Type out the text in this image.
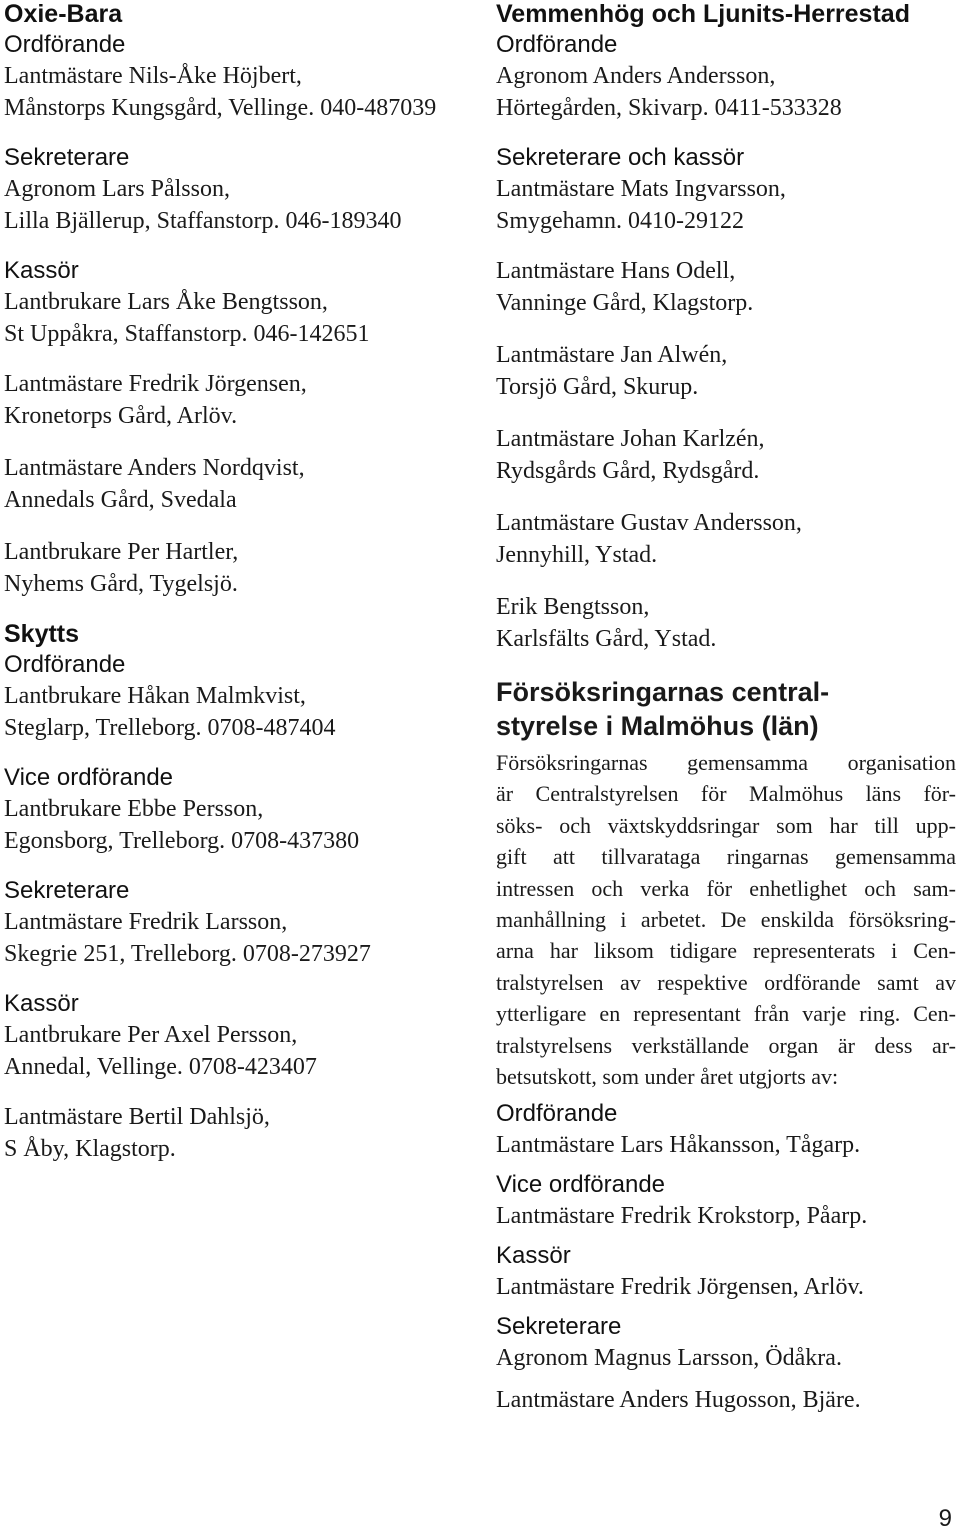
Oxie-Bara
Ordförande
Lantmästare Nils-Åke Höjbert,
Månstorps Kungsgård, Vellinge. 040-487039
Sekreterare
Agronom Lars Pålsson,
Lilla Bjällerup, Staffanstorp. 046-189340
Kassör
Lantbrukare Lars Åke Bengtsson,
St Uppåkra, Staffanstorp. 046-142651
Lantmästare Fredrik Jörgensen,
Kronetorps Gård, Arlöv.
Lantmästare Anders Nordqvist,
Annedals Gård, Svedala
Lantbrukare Per Hartler,
Nyhems Gård, Tygelsjö.
Skytts
Ordförande
Lantbrukare Håkan Malmkvist,
Steglarp, Trelleborg. 0708-487404
Vice ordförande
Lantbrukare Ebbe Persson,
Egonsborg, Trelleborg. 0708-437380
Sekreterare
Lantmästare Fredrik Larsson,
Skegrie 251, Trelleborg. 0708-273927
Kassör
Lantbrukare Per Axel Persson,
Annedal, Vellinge. 0708-423407
Lantmästare Bertil Dahlsjö,
S Åby, Klagstorp.
Vemmenhög och Ljunits-Herrestad
Ordförande
Agronom Anders Andersson,
Hörtegården, Skivarp. 0411-533328
Sekreterare och kassör
Lantmästare Mats Ingvarsson,
Smygehamn. 0410-29122
Lantmästare Hans Odell,
Vanninge Gård, Klagstorp.
Lantmästare Jan Alwén,
Torsjö Gård, Skurup.
Lantmästare Johan Karlzén,
Rydsgårds Gård, Rydsgård.
Lantmästare Gustav Andersson,
Jennyhill, Ystad.
Erik Bengtsson,
Karlsfälts Gård, Ystad.
Försöksringarnas central-
styrelse i Malmöhus (län)
Försöksringarnas gemensamma organisation
är Centralstyrelsen för Malmöhus läns för-
söks- och växtskyddsringar som har till upp-
gift att tillvarataga ringarnas gemensamma
intressen och verka för enhetlighet och sam-
manhållning i arbetet. De enskilda försöksring-
arna har liksom tidigare representerats i Cen-
tralstyrelsen av respektive ordförande samt av
ytterligare en representant från varje ring. Cen-
tralstyrelsens verkställande organ är dess ar-
betsutskott, som under året utgjorts av:
Ordförande
Lantmästare Lars Håkansson, Tågarp.
Vice ordförande
Lantmästare Fredrik Krokstorp, Påarp.
Kassör
Lantmästare Fredrik Jörgensen, Arlöv.
Sekreterare
Agronom Magnus Larsson, Ödåkra.
Lantmästare Anders Hugosson, Bjäre.
9
